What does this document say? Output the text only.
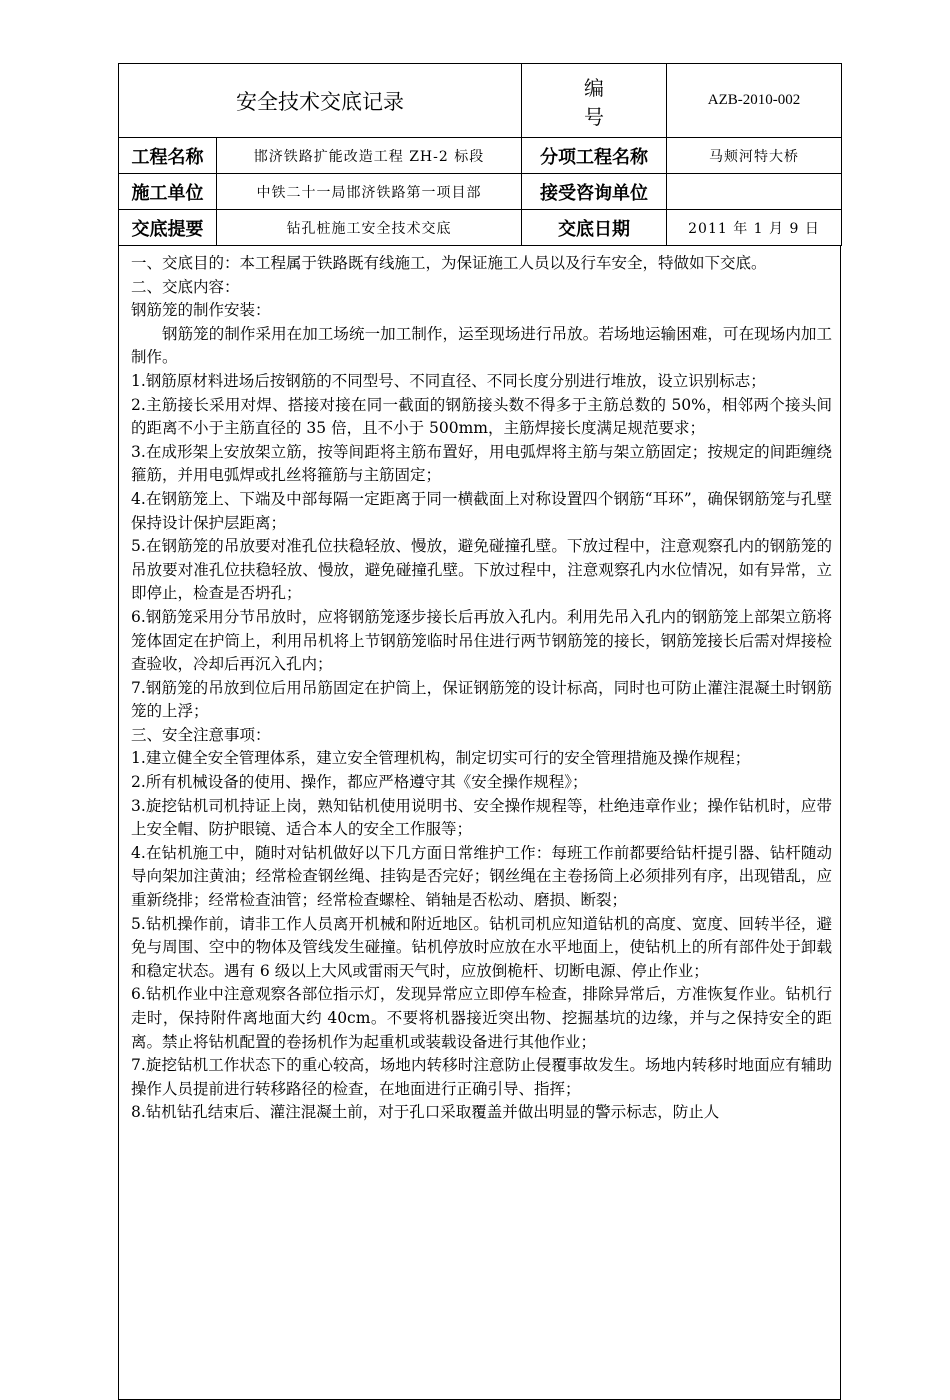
安全技术交底记录		编 号	AZB-2010-002
工程名称	邯济铁路扩能改造工程 ZH-2 标段	分项工程名称	马颊河特大桥
施工单位	中铁二十一局邯济铁路第一项目部	接受咨询单位	
交底提要	钻孔桩施工安全技术交底	交底日期	2011 年 1 月 9 日

一、交底目的：本工程属于铁路既有线施工，为保证施工人员以及行车安全，特做如下交底。

二、交底内容：

钢筋笼的制作安装：

钢筋笼的制作采用在加工场统一加工制作，运至现场进行吊放。若场地运输困难，可在现场内加工制作。

1.钢筋原材料进场后按钢筋的不同型号、不同直径、不同长度分别进行堆放，设立识别标志；

2.主筋接长采用对焊、搭接对接在同一截面的钢筋接头数不得多于主筋总数的 50%，相邻两个接头间的距离不小于主筋直径的 35 倍，且不小于 500mm，主筋焊接长度满足规范要求；

3.在成形架上安放架立筋，按等间距将主筋布置好，用电弧焊将主筋与架立筋固定；按规定的间距缠绕箍筋，并用电弧焊或扎丝将箍筋与主筋固定；

4.在钢筋笼上、下端及中部每隔一定距离于同一横截面上对称设置四个钢筋“耳环”，确保钢筋笼与孔壁保持设计保护层距离；

5.在钢筋笼的吊放要对准孔位扶稳轻放、慢放，避免碰撞孔壁。下放过程中，注意观察孔内的钢筋笼的吊放要对准孔位扶稳轻放、慢放，避免碰撞孔壁。下放过程中，注意观察孔内水位情况，如有异常，立即停止，检查是否坍孔；

6.钢筋笼采用分节吊放时，应将钢筋笼逐步接长后再放入孔内。利用先吊入孔内的钢筋笼上部架立筋将笼体固定在护筒上，利用吊机将上节钢筋笼临时吊住进行两节钢筋笼的接长，钢筋笼接长后需对焊接检查验收，冷却后再沉入孔内；

7.钢筋笼的吊放到位后用吊筋固定在护筒上，保证钢筋笼的设计标高，同时也可防止灌注混凝土时钢筋笼的上浮；

三、安全注意事项：

1.建立健全安全管理体系，建立安全管理机构，制定切实可行的安全管理措施及操作规程；

2.所有机械设备的使用、操作，都应严格遵守其《安全操作规程》；

3.旋挖钻机司机持证上岗，熟知钻机使用说明书、安全操作规程等，杜绝违章作业；操作钻机时，应带上安全帽、防护眼镜、适合本人的安全工作服等；

4.在钻机施工中，随时对钻机做好以下几方面日常维护工作：每班工作前都要给钻杆提引器、钻杆随动导向架加注黄油；经常检查钢丝绳、挂钩是否完好；钢丝绳在主卷扬筒上必须排列有序，出现错乱，应重新绕排；经常检查油管；经常检查螺栓、销轴是否松动、磨损、断裂；

5.钻机操作前，请非工作人员离开机械和附近地区。钻机司机应知道钻机的高度、宽度、回转半径，避免与周围、空中的物体及管线发生碰撞。钻机停放时应放在水平地面上，使钻机上的所有部件处于卸载和稳定状态。遇有 6 级以上大风或雷雨天气时，应放倒桅杆、切断电源、停止作业；

6.钻机作业中注意观察各部位指示灯，发现异常应立即停车检查，排除异常后，方准恢复作业。钻机行走时，保持附件离地面大约 40cm。不要将机器接近突出物、挖掘基坑的边缘，并与之保持安全的距离。禁止将钻机配置的卷扬机作为起重机或装载设备进行其他作业；

7.旋挖钻机工作状态下的重心较高，场地内转移时注意防止侵覆事故发生。场地内转移时地面应有辅助操作人员提前进行转移路径的检查，在地面进行正确引导、指挥；

8.钻机钻孔结束后、灌注混凝土前，对于孔口采取覆盖并做出明显的警示标志，防止人
